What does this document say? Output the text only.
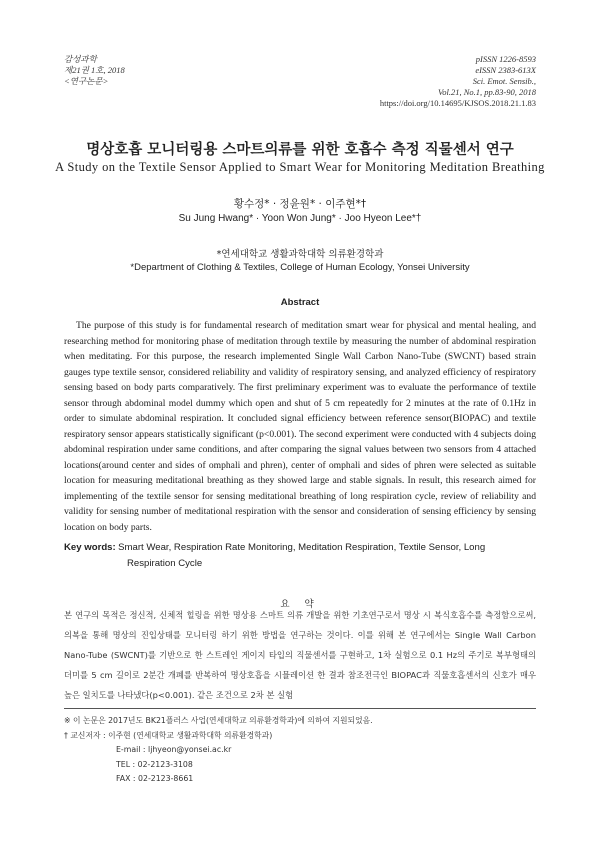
감성과학
제21권 1호, 2018
<연구논문>
pISSN 1226-8593
eISSN 2383-613X
Sci. Emot. Sensib.,
Vol.21, No.1, pp.83-90, 2018
https://doi.org/10.14695/KJSOS.2018.21.1.83
명상호흡 모니터링용 스마트의류를 위한 호흡수 측정 직물센서 연구
A Study on the Textile Sensor Applied to Smart Wear for Monitoring Meditation Breathing
황수정* · 정윤원* · 이주현*†
Su Jung Hwang* · Yoon Won Jung* · Joo Hyeon Lee*†
*연세대학교 생활과학대학 의류환경학과
*Department of Clothing & Textiles, College of Human Ecology, Yonsei University
Abstract
The purpose of this study is for fundamental research of meditation smart wear for physical and mental healing, and researching method for monitoring phase of meditation through textile by measuring the number of abdominal respiration when meditating. For this purpose, the research implemented Single Wall Carbon Nano-Tube (SWCNT) based strain gauges type textile sensor, considered reliability and validity of respiratory sensing, and analyzed efficiency of respiratory sensing based on body parts comparatively. The first preliminary experiment was to evaluate the performance of textile sensor through abdominal model dummy which open and shut of 5 cm repeatedly for 2 minutes at the rate of 0.1Hz in order to simulate abdominal respiration. It concluded signal efficiency between reference sensor(BIOPAC) and textile respiratory sensor appears statistically significant (p<0.001). The second experiment were conducted with 4 subjects doing abdominal respiration under same conditions, and after comparing the signal values between two sensors from 4 attached locations(around center and sides of omphali and phren), center of omphali and sides of phren were selected as suitable location for measuring meditational breathing as they showed large and stable signals. In result, this research aimed for implementing of the textile sensor for sensing meditational breathing of long respiration cycle, review of reliability and validity for sensing number of meditational respiration with the sensor and consideration of sensing efficiency by sensing location on body parts.
Key words: Smart Wear, Respiration Rate Monitoring, Meditation Respiration, Textile Sensor, Long
Respiration Cycle
요 약
본 연구의 목적은 정신적, 신체적 힐링을 위한 명상용 스마트 의류 개발을 위한 기초연구로서 명상 시 복식호흡수를 측정함으로써, 의복을 통해 명상의 진입상태를 모니터링 하기 위한 방법을 연구하는 것이다. 이를 위해 본 연구에서는 Single Wall Carbon Nano-Tube (SWCNT)를 기반으로 한 스트레인 게이지 타입의 직물센서를 구현하고, 1차 실험으로 0.1 Hz의 주기로 복부형태의 더미를 5 cm 길이로 2분간 개폐를 반복하여 명상호흡을 시뮬레이션 한 결과 참조전극인 BIOPAC과 직물호흡센서의 신호가 매우 높은 일치도를 나타냈다(p<0.001). 같은 조건으로 2차 본 실험
※ 이 논문은 2017년도 BK21플러스 사업(연세대학교 의류환경학과)에 의하여 지원되었음.
† 교신저자 : 이주현 (연세대학교 생활과학대학 의류환경학과)
E-mail : ljhyeon@yonsei.ac.kr
TEL : 02-2123-3108
FAX : 02-2123-8661
